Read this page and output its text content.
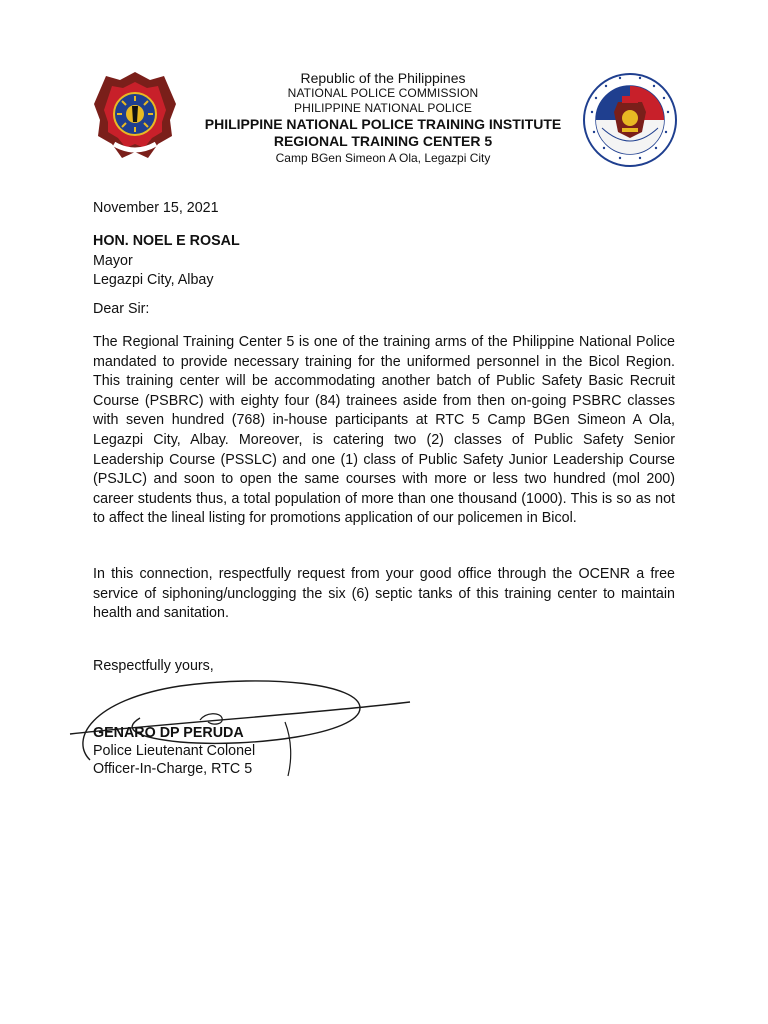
Republic of the Philippines
NATIONAL POLICE COMMISSION
PHILIPPINE NATIONAL POLICE
PHILIPPINE NATIONAL POLICE TRAINING INSTITUTE
REGIONAL TRAINING CENTER 5
Camp BGen Simeon A Ola, Legazpi City
November 15, 2021
HON. NOEL E ROSAL
Mayor
Legazpi City, Albay
Dear Sir:
The Regional Training Center 5 is one of the training arms of the Philippine National Police mandated to provide necessary training for the uniformed personnel in the Bicol Region. This training center will be accommodating another batch of Public Safety Basic Recruit Course (PSBRC) with eighty four (84) trainees aside from then on-going PSBRC classes with seven hundred (768) in-house participants at RTC 5 Camp BGen Simeon A Ola, Legazpi City, Albay. Moreover, is catering two (2) classes of Public Safety Senior Leadership Course (PSSLC) and one (1) class of Public Safety Junior Leadership Course (PSJLC) and soon to open the same courses with more or less two hundred (mol 200) career students thus, a total population of more than one thousand (1000). This is so as not to affect the lineal listing for promotions application of our policemen in Bicol.
In this connection, respectfully request from your good office through the OCENR a free service of siphoning/unclogging the six (6) septic tanks of this training center to maintain health and sanitation.
Respectfully yours,
GENARO DP PERUDA
Police Lieutenant Colonel
Officer-In-Charge, RTC 5
